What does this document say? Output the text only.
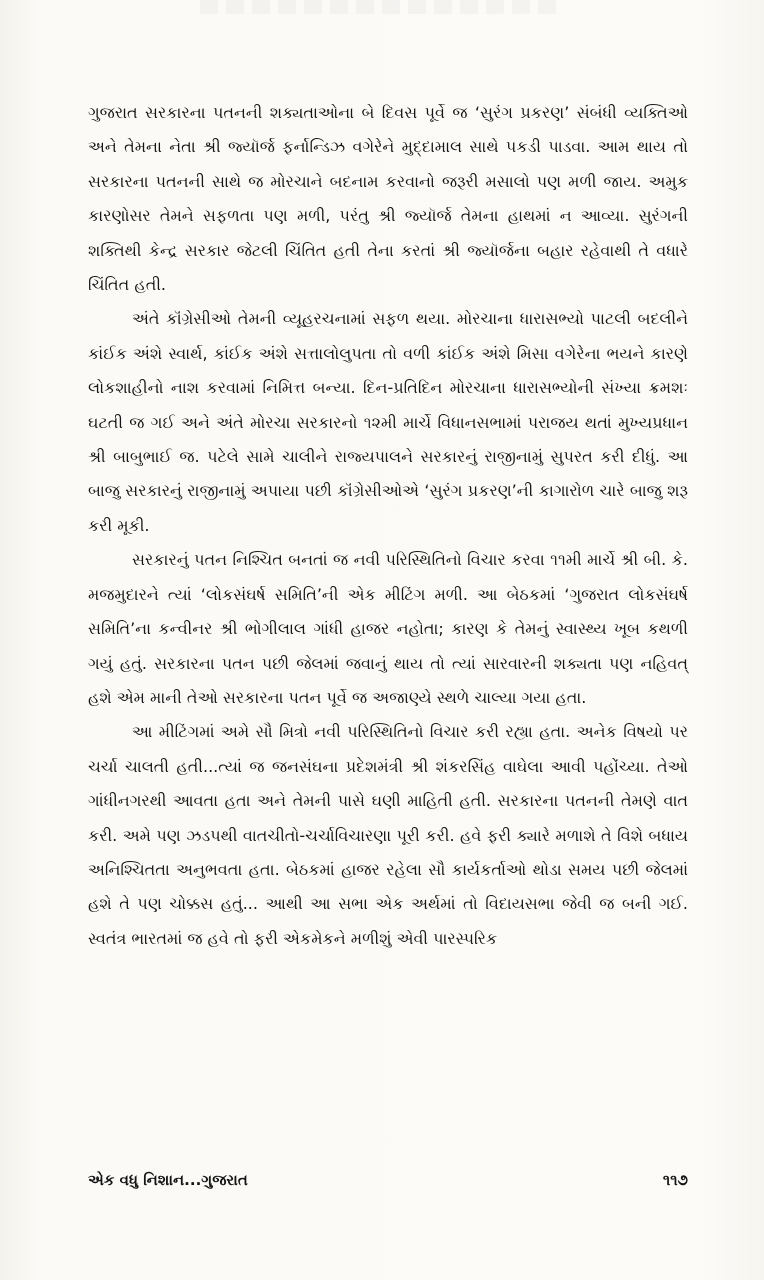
ગુજરાત સરકારના પતનની શક્યતાઓના બે દિવસ પૂર્વે જ ‘સુરંગ પ્રકરણ’ સંબંધી વ્યક્તિઓ અને તેમના નેતા શ્રી જ્યૉર્જ ફર્નાન્ડિઝ વગેરેને મુદ્દામાલ સાથે પકડી પાડવા. આમ થાય તો સરકારના પતનની સાથે જ મોરચાને બદનામ કરવાનો જરૂરી મસાલો પણ મળી જાય. અમુક કારણોસર તેમને સફળતા પણ મળી, પરંતુ શ્રી જ્યૉર્જ તેમના હાથમાં ન આવ્યા. સુરંગની શક્તિથી કેન્દ્ર સરકાર જેટલી ચિંતિત હતી તેના કરતાં શ્રી જ્યૉર્જના બહાર રહેવાથી તે વધારે ચિંતિત હતી.

અંતે કૉંગ્રેસીઓ તેમની વ્યૂહરચનામાં સફળ થયા. મોરચાના ધારાસભ્યો પાટલી બદલીને કાંઈક અંશે સ્વાર્થ, કાંઈક અંશે સત્તાલોલુપતા તો વળી કાંઈક અંશે મિસા વગેરેના ભયને કારણે લોકશાહીનો નાશ કરવામાં નિમિત્ત બન્યા. દિન-પ્રતિદિન મોરચાના ધારાસભ્યોની સંખ્યા ક્રમશઃ ઘટતી જ ગઈ અને અંતે મોરચા સરકારનો ૧૨મી માર્ચે વિધાનસભામાં પરાજય થતાં મુખ્યપ્રધાન શ્રી બાબુભાઈ જ. પટેલે સામે ચાલીને રાજ્યપાલને સરકારનું રાજીનામું સુપરત કરી દીધું. આ બાજુ સરકારનું રાજીનામું અપાયા પછી કૉંગ્રેસીઓએ ‘સુરંગ પ્રકરણ’ની કાગારોળ ચારે બાજુ શરૂ કરી મૂકી.

સરકારનું પતન નિશ્ચિત બનતાં જ નવી પરિસ્થિતિનો વિચાર કરવા ૧૧મી માર્ચે શ્રી બી. કે. મજમુદારને ત્યાં ‘લોકસંઘર્ષ સમિતિ’ની એક મીટિંગ મળી. આ બેઠકમાં ‘ગુજરાત લોકસંઘર્ષ સમિતિ’ના કન્વીનર શ્રી ભોગીલાલ ગાંધી હાજર નહોતા; કારણ કે તેમનું સ્વાસ્થ્ય ખૂબ કથળી ગયું હતું. સરકારના પતન પછી જેલમાં જવાનું થાય તો ત્યાં સારવારની શક્યતા પણ નહિવત્ હશે એમ માની તેઓ સરકારના પતન પૂર્વે જ અજાણ્યે સ્થળે ચાલ્યા ગયા હતા.

આ મીટિંગમાં અમે સૌ મિત્રો નવી પરિસ્થિતિનો વિચાર કરી રહ્યા હતા. અનેક વિષયો પર ચર્ચા ચાલતી હતી...ત્યાં જ જનસંઘના પ્રદેશમંત્રી શ્રી શંકરસિંહ વાઘેલા આવી પહોંચ્યા. તેઓ ગાંધીનગરથી આવતા હતા અને તેમની પાસે ઘણી માહિતી હતી. સરકારના પતનની તેમણે વાત કરી. અમે પણ ઝડપથી વાતચીતો-ચર્ચાવિચારણા પૂરી કરી. હવે ફરી ક્યારે મળાશે તે વિશે બધાય અનિશ્ચિતતા અનુભવતા હતા. બેઠકમાં હાજર રહેલા સૌ કાર્યકર્તાઓ થોડા સમય પછી જેલમાં હશે તે પણ ચોક્કસ હતું... આથી આ સભા એક અર્થમાં તો વિદાયસભા જેવી જ બની ગઈ. સ્વતંત્ર ભારતમાં જ હવે તો ફરી એકમેકને મળીશું એવી પારસ્પરિક

એક વધુ નિશાન...ગુજરાત	૧૧૭
